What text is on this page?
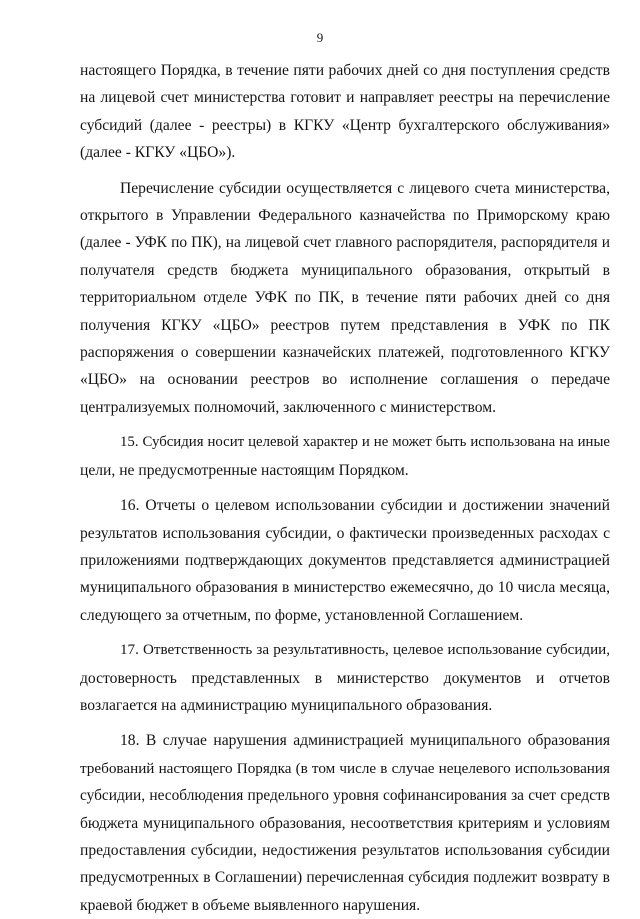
9
настоящего Порядка, в течение пяти рабочих дней со дня поступления средств
на лицевой счет министерства готовит и направляет реестры на перечисление
субсидий (далее - реестры) в КГКУ «Центр бухгалтерского обслуживания»
(далее - КГКУ «ЦБО»).
Перечисление субсидии осуществляется с лицевого счета министерства,
открытого в Управлении Федерального казначейства по Приморскому краю
(далее - УФК по ПК), на лицевой счет главного распорядителя, распорядителя и
получателя средств бюджета муниципального образования, открытый в
территориальном отделе УФК по ПК, в течение пяти рабочих дней со дня
получения КГКУ «ЦБО» реестров путем представления в УФК по ПК
распоряжения о совершении казначейских платежей, подготовленного КГКУ
«ЦБО» на основании реестров во исполнение соглашения о передаче
централизуемых полномочий, заключенного с министерством.
15. Субсидия носит целевой характер и не может быть использована на иные
цели, не предусмотренные настоящим Порядком.
16. Отчеты о целевом использовании субсидии и достижении значений
результатов использования субсидии, о фактически произведенных расходах с
приложениями подтверждающих документов представляется администрацией
муниципального образования в министерство ежемесячно, до 10 числа месяца,
следующего за отчетным, по форме, установленной Соглашением.
17. Ответственность за результативность, целевое использование субсидии,
достоверность представленных в министерство документов и отчетов
возлагается на администрацию муниципального образования.
18. В случае нарушения администрацией муниципального образования
требований настоящего Порядка (в том числе в случае нецелевого использования
субсидии, несоблюдения предельного уровня софинансирования за счет средств
бюджета муниципального образования, несоответствия критериям и условиям
предоставления субсидии, недостижения результатов использования субсидии
предусмотренных в Соглашении) перечисленная субсидия подлежит возврату в
краевой бюджет в объеме выявленного нарушения.
